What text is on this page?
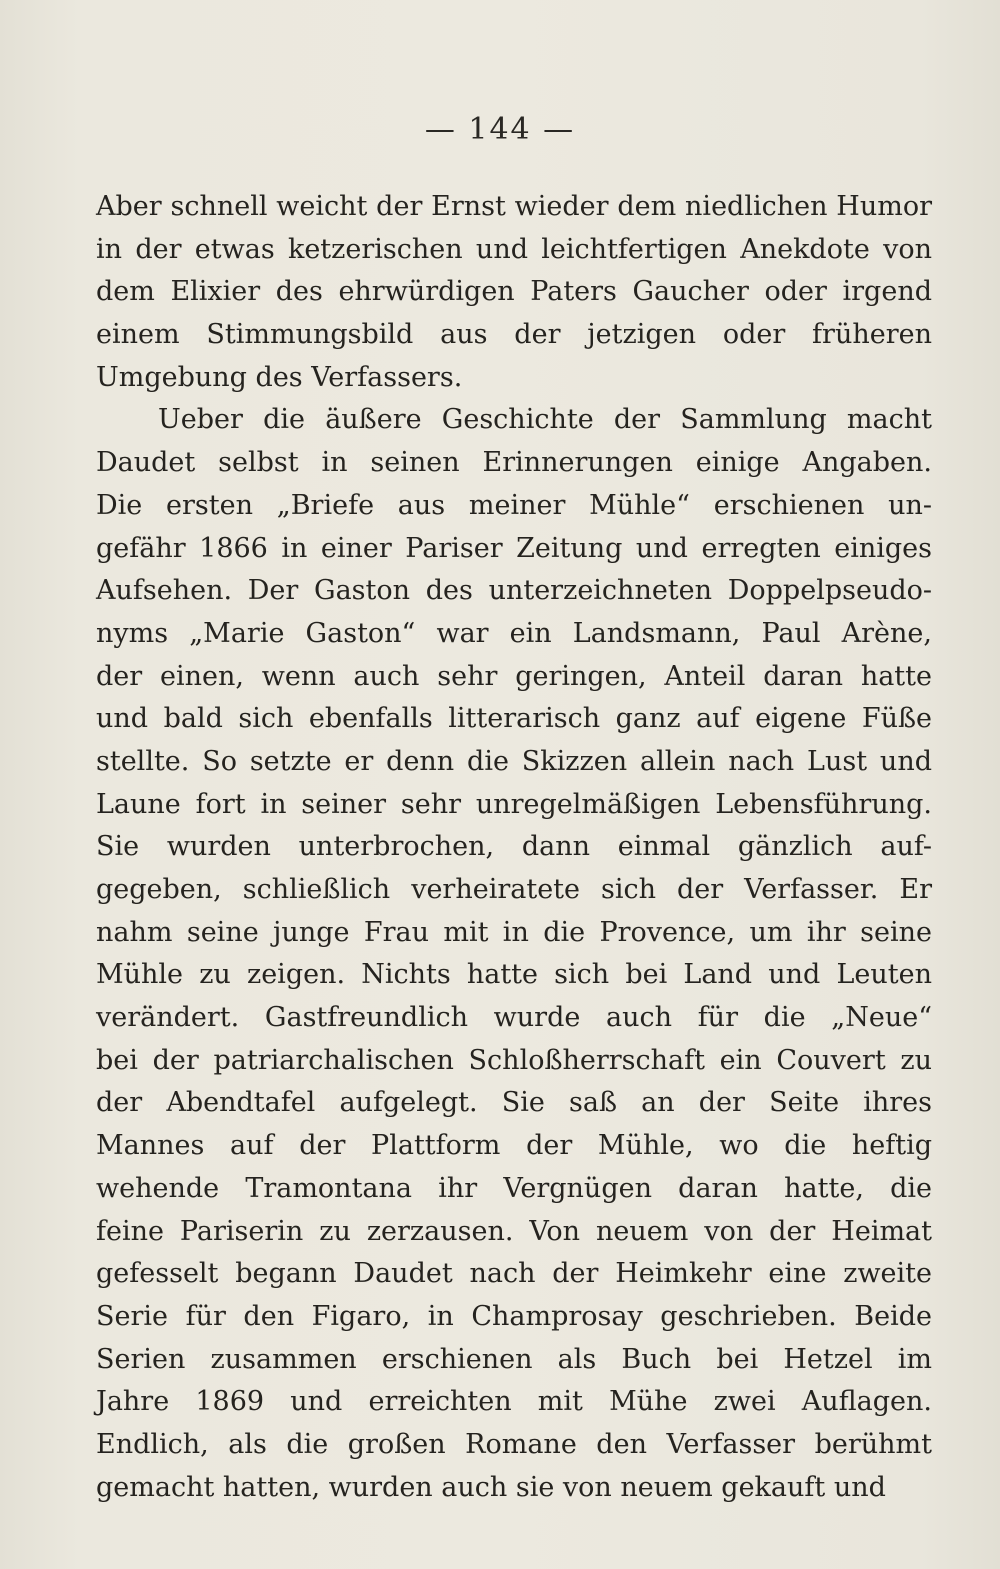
— 144 —
Aber schnell weicht der Ernst wieder dem niedlichen Humor
in der etwas ketzerischen und leichtfertigen Anekdote von
dem Elixier des ehrwürdigen Paters Gaucher oder irgend
einem Stimmungsbild aus der jetzigen oder früheren
Umgebung des Verfassers.
Ueber die äußere Geschichte der Sammlung macht
Daudet selbst in seinen Erinnerungen einige Angaben.
Die ersten „Briefe aus meiner Mühle“ erschienen un-
gefähr 1866 in einer Pariser Zeitung und erregten einiges
Aufsehen. Der Gaston des unterzeichneten Doppelpseudo-
nyms „Marie Gaston“ war ein Landsmann, Paul Arène,
der einen, wenn auch sehr geringen, Anteil daran hatte
und bald sich ebenfalls litterarisch ganz auf eigene Füße
stellte. So setzte er denn die Skizzen allein nach Lust und
Laune fort in seiner sehr unregelmäßigen Lebensführung.
Sie wurden unterbrochen, dann einmal gänzlich auf-
gegeben, schließlich verheiratete sich der Verfasser. Er
nahm seine junge Frau mit in die Provence, um ihr seine
Mühle zu zeigen. Nichts hatte sich bei Land und Leuten
verändert. Gastfreundlich wurde auch für die „Neue“
bei der patriarchalischen Schloßherrschaft ein Couvert zu
der Abendtafel aufgelegt. Sie saß an der Seite ihres
Mannes auf der Plattform der Mühle, wo die heftig
wehende Tramontana ihr Vergnügen daran hatte, die
feine Pariserin zu zerzausen. Von neuem von der Heimat
gefesselt begann Daudet nach der Heimkehr eine zweite
Serie für den Figaro, in Champrosay geschrieben. Beide
Serien zusammen erschienen als Buch bei Hetzel im
Jahre 1869 und erreichten mit Mühe zwei Auflagen.
Endlich, als die großen Romane den Verfasser berühmt
gemacht hatten, wurden auch sie von neuem gekauft und
